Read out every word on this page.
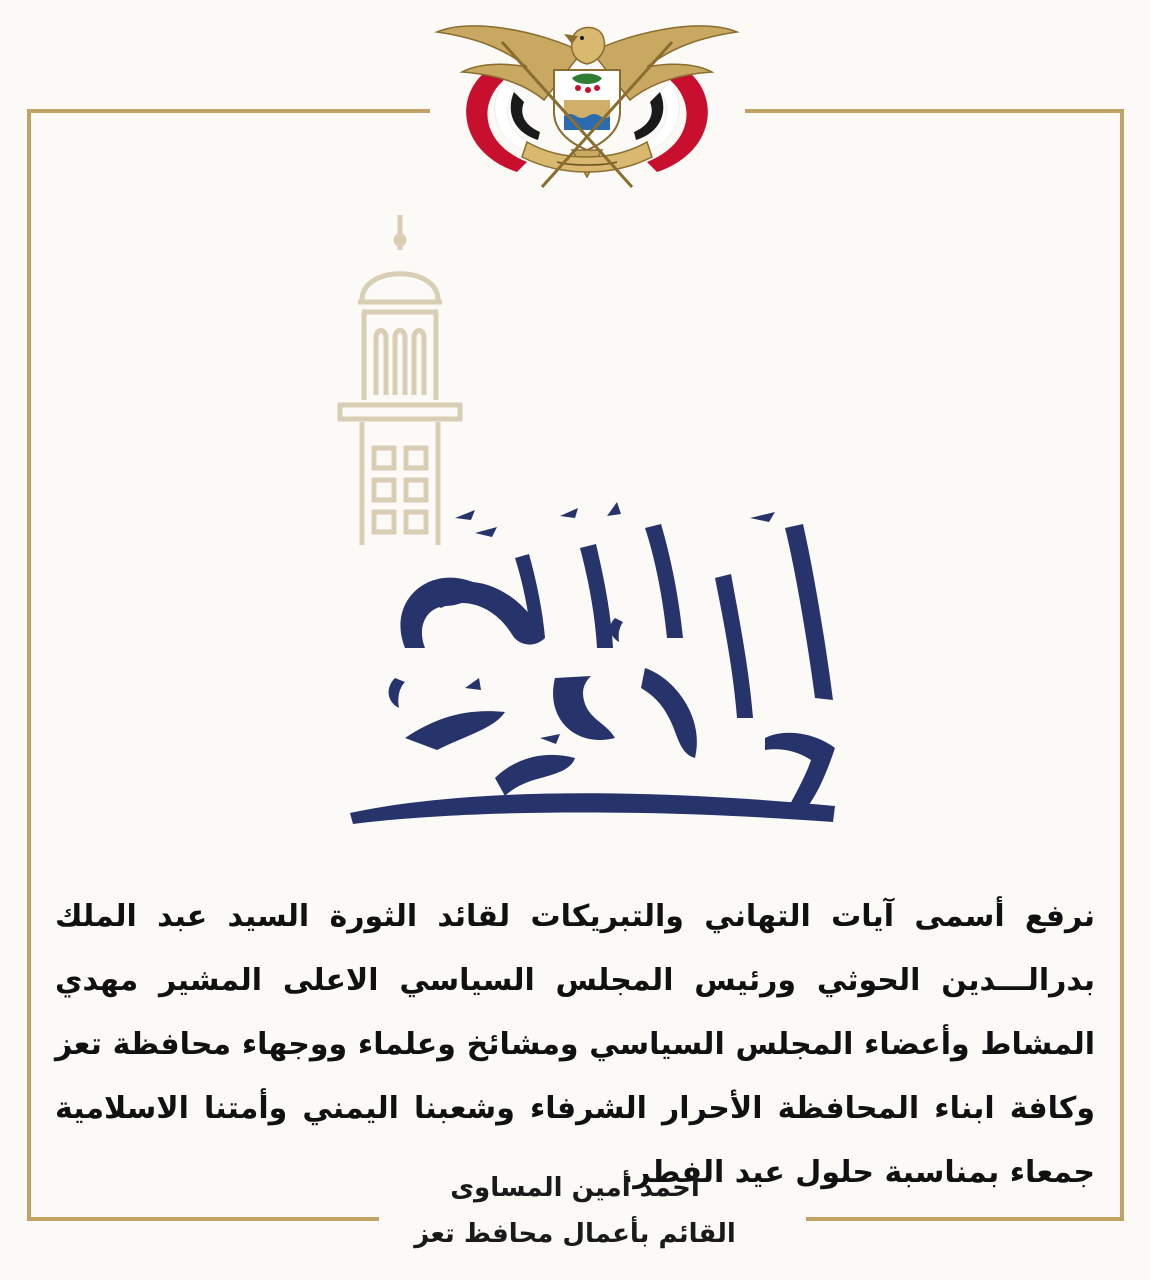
نرفع أسمى آيات التهاني والتبريكات لقائد الثورة السيد عبد الملك بدرالـــدين الحوثي ورئيس المجلس السياسي الاعلى المشير مهدي المشاط وأعضاء المجلس السياسي ومشائخ وعلماء ووجهاء محافظة تعز وكافة ابناء المحافظة الأحرار الشرفاء وشعبنا اليمني وأمتنا الاسلامية جمعاء بمناسبة حلول عيد الفطر.

أحمد أمين المساوى
القائم بأعمال محافظ تعز
